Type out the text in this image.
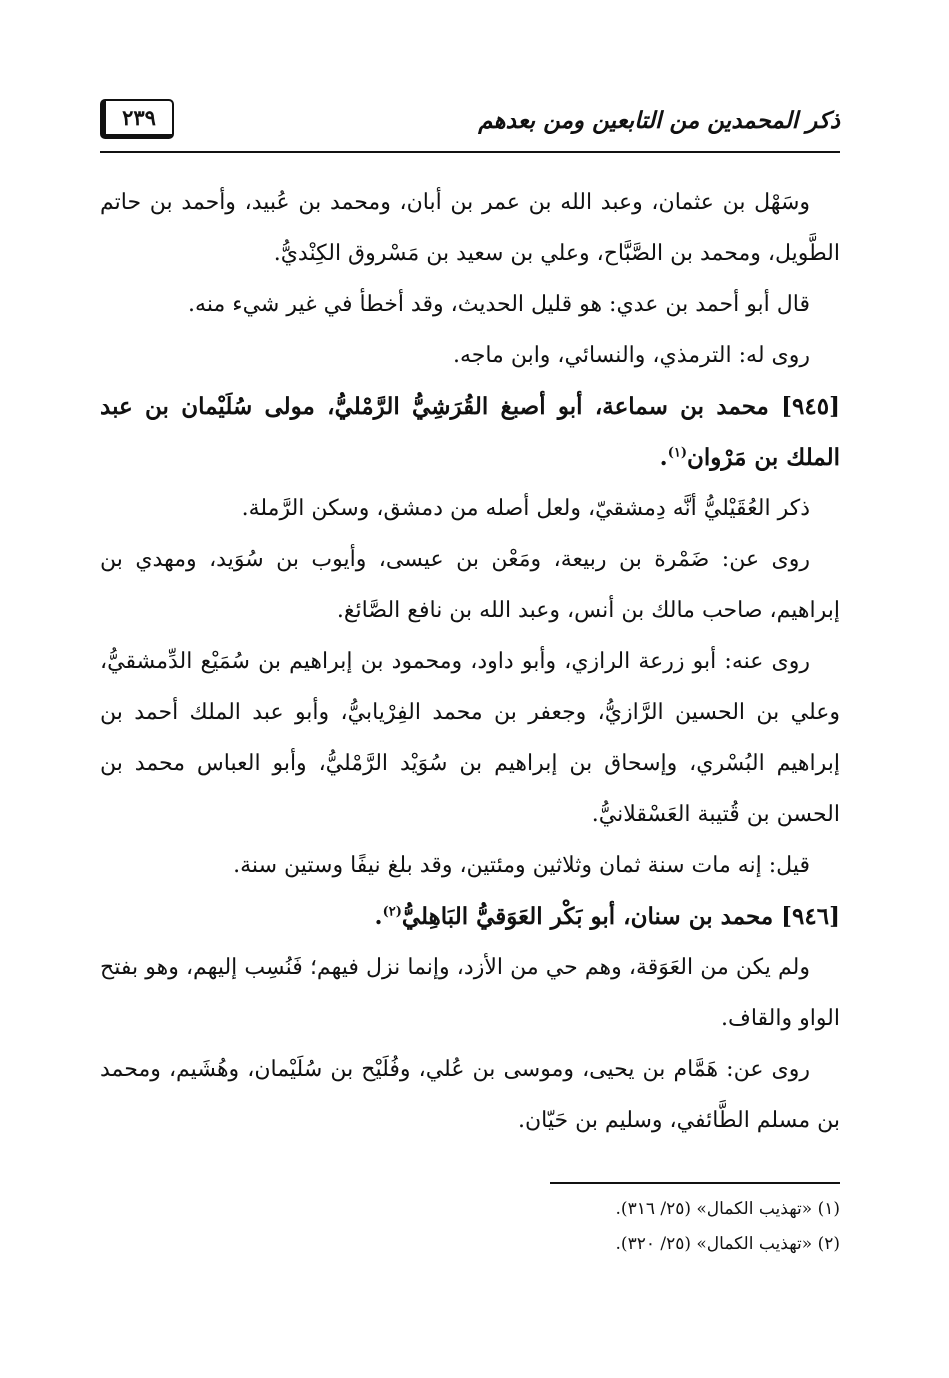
ذكر المحمدين من التابعين ومن بعدهم
٢٣٩

وسَهْل بن عثمان، وعبد الله بن عمر بن أبان، ومحمد بن عُبيد، وأحمد بن حاتم الطَّويل، ومحمد بن الصَّبَّاح، وعلي بن سعيد بن مَسْروق الكِنْديُّ.

قال أبو أحمد بن عدي: هو قليل الحديث، وقد أخطأ في غير شيء منه.

روى له: الترمذي، والنسائي، وابن ماجه.

[٩٤٥] محمد بن سماعة، أبو أصبغ القُرَشِيُّ الرَّمْليُّ، مولى سُلَيْمان بن عبد الملك بن مَرْوان$^{(١)}$.

ذكر العُقَيْليُّ أنَّه دِمشقيّ، ولعل أصله من دمشق، وسكن الرَّملة.

روى عن: ضَمْرة بن ربيعة، ومَعْن بن عيسى، وأيوب بن سُوَيد، ومهدي بن إبراهيم، صاحب مالك بن أنس، وعبد الله بن نافع الصَّائغ.

روى عنه: أبو زرعة الرازي، وأبو داود، ومحمود بن إبراهيم بن سُمَيْع الدِّمشقيُّ، وعلي بن الحسين الرَّازيُّ، وجعفر بن محمد الفِرْيابيُّ، وأبو عبد الملك أحمد بن إبراهيم البُسْري، وإسحاق بن إبراهيم بن سُوَيْد الرَّمْليُّ، وأبو العباس محمد بن الحسن بن قُتيبة العَسْقلانيُّ.

قيل: إنه مات سنة ثمان وثلاثين ومئتين، وقد بلغ نيفًا وستين سنة.

[٩٤٦] محمد بن سنان، أبو بَكْر العَوَقيُّ البَاهِليُّ$^{(٢)}$.

ولم يكن من العَوَقة، وهم حي من الأزد، وإنما نزل فيهم؛ فَنُسِب إليهم، وهو بفتح الواو والقاف.

روى عن: هَمَّام بن يحيى، وموسى بن عُلي، وفُلَيْح بن سُلَيْمان، وهُشَيم، ومحمد بن مسلم الطَّائفي، وسليم بن حَيّان.

(١) «تهذيب الكمال» (٢٥/ ٣١٦).

(٢) «تهذيب الكمال» (٢٥/ ٣٢٠).
